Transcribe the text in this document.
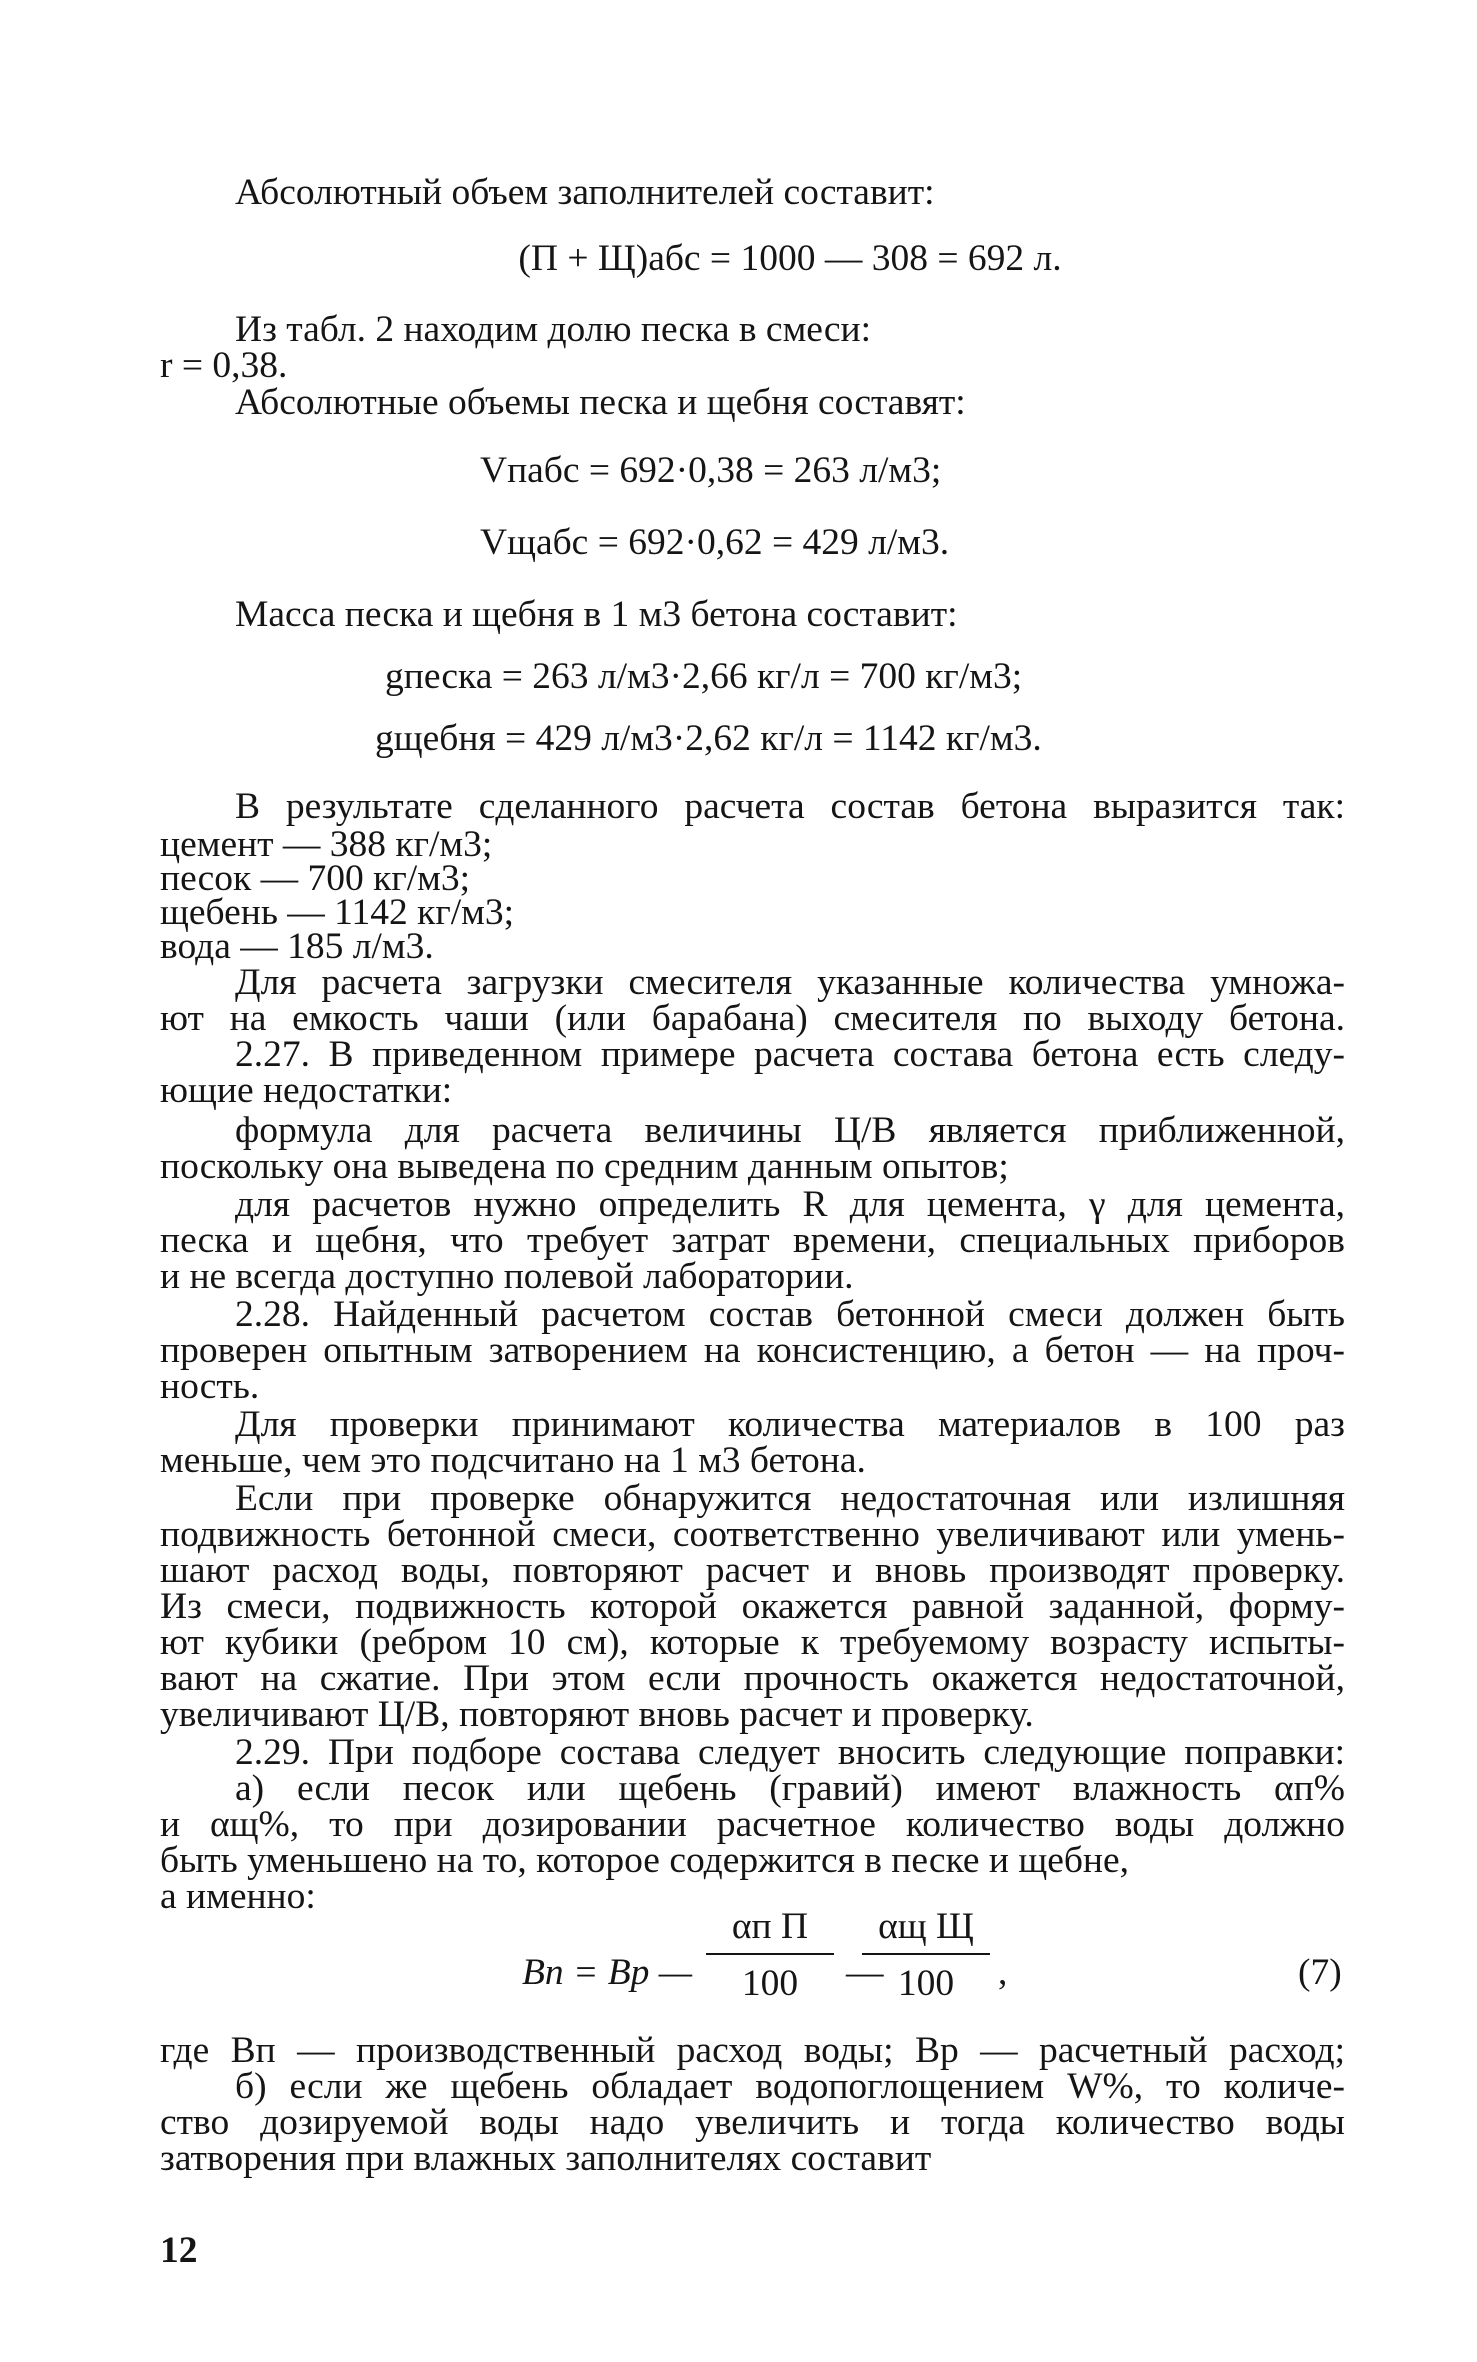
Абсолютный объем заполнителей составит:
(П + Щ)абс = 1000 — 308 = 692 л.
Из табл. 2 находим долю песка в смеси:
r = 0,38.
Абсолютные объемы песка и щебня составят:
Vпабс = 692·0,38 = 263 л/м3;
Vщабс = 692·0,62 = 429 л/м3.
Масса песка и щебня в 1 м3 бетона составит:
gпеска = 263 л/м3·2,66 кг/л = 700 кг/м3;
gщебня = 429 л/м3·2,62 кг/л = 1142 кг/м3.
В результате сделанного расчета состав бетона выразится так:
цемент — 388 кг/м3;
песок — 700 кг/м3;
щебень — 1142 кг/м3;
вода — 185 л/м3.
Для расчета загрузки смесителя указанные количества умножа-
ют на емкость чаши (или барабана) смесителя по выходу бетона.
2.27. В приведенном примере расчета состава бетона есть следу-
ющие недостатки:
формула для расчета величины Ц/В является приближенной,
поскольку она выведена по средним данным опытов;
для расчетов нужно определить R для цемента, γ для цемента,
песка и щебня, что требует затрат времени, специальных приборов
и не всегда доступно полевой лаборатории.
2.28. Найденный расчетом состав бетонной смеси должен быть
проверен опытным затворением на консистенцию, а бетон — на проч-
ность.
Для проверки принимают количества материалов в 100 раз
меньше, чем это подсчитано на 1 м3 бетона.
Если при проверке обнаружится недостаточная или излишняя
подвижность бетонной смеси, соответственно увеличивают или умень-
шают расход воды, повторяют расчет и вновь производят проверку.
Из смеси, подвижность которой окажется равной заданной, форму-
ют кубики (ребром 10 см), которые к требуемому возрасту испыты-
вают на сжатие. При этом если прочность окажется недостаточной,
увеличивают Ц/В, повторяют вновь расчет и проверку.
2.29. При подборе состава следует вносить следующие поправки:
а) если песок или щебень (гравий) имеют влажность αп%
и αщ%, то при дозировании расчетное количество воды должно
быть уменьшено на то, которое содержится в песке и щебне,
а именно:
Вп = Вр —
αп П
100	—
αщ Щ
100	,	(7)
где Вп — производственный расход воды; Вр — расчетный расход;
б) если же щебень обладает водопоглощением W%, то количе-
ство дозируемой воды надо увеличить и тогда количество воды
затворения при влажных заполнителях составит
12
